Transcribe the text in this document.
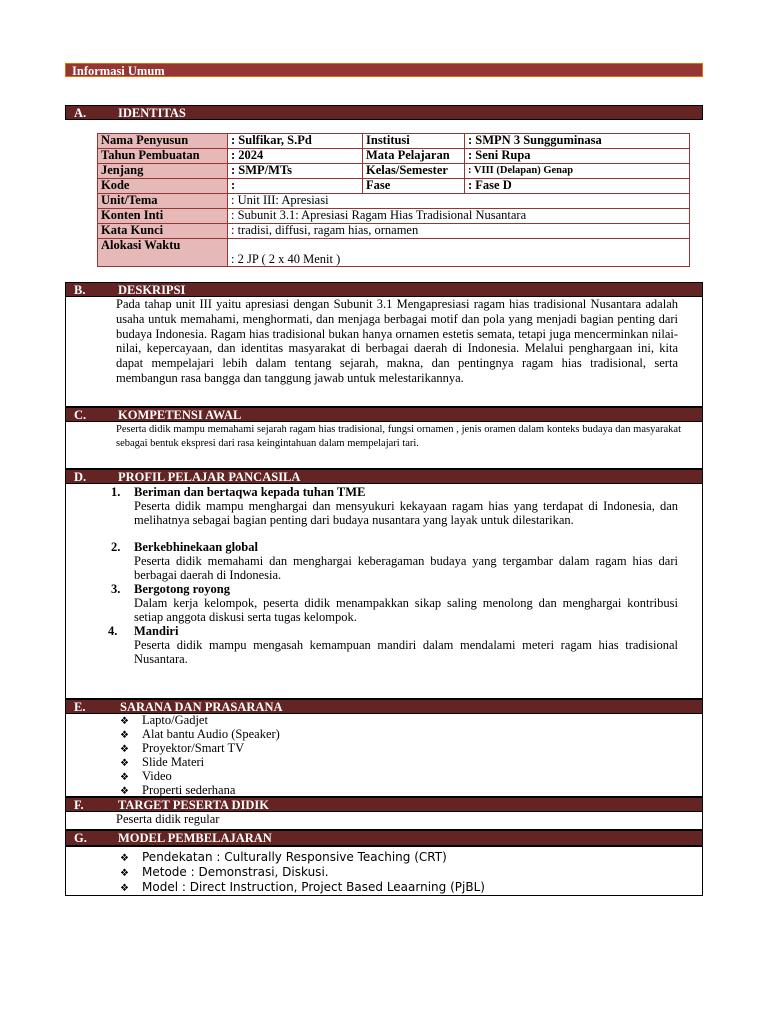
Informasi Umum
A.	IDENTITAS
Nama Penyusun	: Sulfikar, S.Pd	Institusi	: SMPN 3 Sungguminasa
Tahun Pembuatan	: 2024	Mata Pelajaran	: Seni Rupa
Jenjang	: SMP/MTs	Kelas/Semester	: VIII (Delapan) Genap
Kode	:	Fase	: Fase D
Unit/Tema	: Unit III: Apresiasi		
Konten Inti	: Subunit 3.1: Apresiasi Ragam Hias Tradisional Nusantara		
Kata Kunci	: tradisi, diffusi, ragam hias, ornamen		
Alokasi Waktu	: 2 JP ( 2 x 40 Menit )		
B.	DESKRIPSI
Pada tahap unit III yaitu apresiasi dengan Subunit 3.1 Mengapresiasi ragam hias tradisional Nusantara adalah usaha untuk memahami, menghormati, dan menjaga berbagai motif dan pola yang menjadi bagian penting dari budaya Indonesia. Ragam hias tradisional bukan hanya ornamen estetis semata, tetapi juga mencerminkan nilai-nilai, kepercayaan, dan identitas masyarakat di berbagai daerah di Indonesia. Melalui penghargaan ini, kita dapat mempelajari lebih dalam tentang sejarah, makna, dan pentingnya ragam hias tradisional, serta membangun rasa bangga dan tanggung jawab untuk melestarikannya.
C.	KOMPETENSI AWAL
Peserta didik mampu memahami sejarah ragam hias tradisional, fungsi ornamen , jenis oramen dalam konteks budaya dan masyarakat sebagai bentuk ekspresi dari rasa keingintahuan dalam mempelajari tari.
D.	PROFIL PELAJAR PANCASILA
1. Beriman dan bertaqwa kepada tuhan TME
Peserta didik mampu menghargai dan mensyukuri kekayaan ragam hias yang terdapat di Indonesia, dan melihatnya sebagai bagian penting dari budaya nusantara yang layak untuk dilestarikan.
2. Berkebhinekaan global
Peserta didik memahami dan menghargai keberagaman budaya yang tergambar dalam ragam hias dari berbagai daerah di Indonesia.
3. Bergotong royong
Dalam kerja kelompok, peserta didik menampakkan sikap saling menolong dan menghargai kontribusi setiap anggota diskusi serta tugas kelompok.
4. Mandiri
Peserta didik mampu mengasah kemampuan mandiri dalam mendalami meteri ragam hias tradisional Nusantara.
E.	SARANA DAN PRASARANA
❖ Lapto/Gadjet
❖ Alat bantu Audio (Speaker)
❖ Proyektor/Smart TV
❖ Slide Materi
❖ Video
❖ Properti sederhana
F.	TARGET PESERTA DIDIK
Peserta didik regular
G. MODEL PEMBELAJARAN
❖ Pendekatan : Culturally Responsive Teaching (CRT)
❖ Metode : Demonstrasi, Diskusi.
❖ Model : Direct Instruction, Project Based Leaarning (PjBL)
